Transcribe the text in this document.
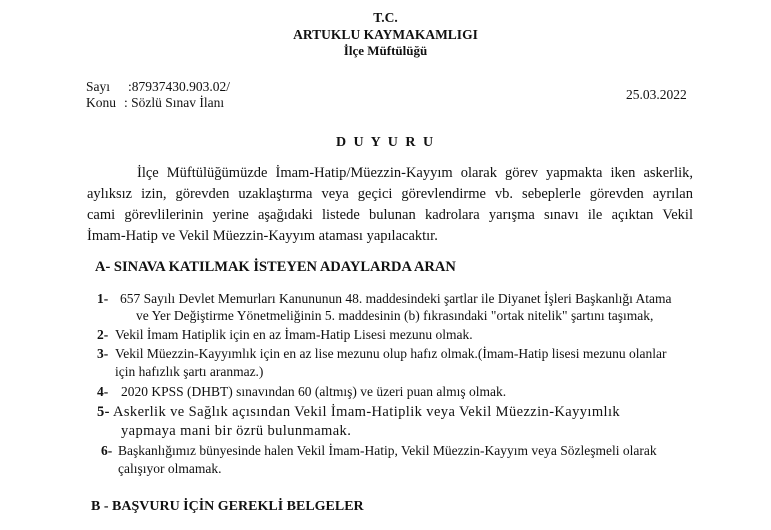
T.C.
ARTUKLU KAYMAKAMLIGI
İlçe Müftülüğü
Sayı :87937430.903.02/
Konu : Sözlü Sınav İlanı
25.03.2022
D U Y U R U
İlçe Müftülüğümüzde İmam-Hatip/Müezzin-Kayyım olarak görev yapmakta iken askerlik,
aylıksız izin, görevden uzaklaştırma veya geçici görevlendirme vb. sebeplerle görevden ayrılan
cami görevlilerinin yerine aşağıdaki listede bulunan kadrolara yarışma sınavı ile açıktan Vekil
İmam-Hatip ve Vekil Müezzin-Kayyım ataması yapılacaktır.
A- SINAVA KATILMAK İSTEYEN ADAYLARDA ARAN
1- 657 Sayılı Devlet Memurları Kanununun 48. maddesindeki şartlar ile Diyanet İşleri Başkanlığı Atama
ve Yer Değiştirme Yönetmeliğinin 5. maddesinin (b) fıkrasındaki "ortak nitelik" şartını taşımak,
2- Vekil İmam Hatiplik için en az İmam-Hatip Lisesi mezunu olmak.
3- Vekil Müezzin-Kayyımlık için en az lise mezunu olup hafız olmak.(İmam-Hatip lisesi mezunu olanlar
için hafızlık şartı aranmaz.)
4- 2020 KPSS (DHBT) sınavından 60 (altmış) ve üzeri puan almış olmak.
5- Askerlik ve Sağlık açısından Vekil İmam-Hatiplik veya Vekil Müezzin-Kayyımlık
yapmaya mani bir özrü bulunmamak.
6- Başkanlığımız bünyesinde halen Vekil İmam-Hatip, Vekil Müezzin-Kayyım veya Sözleşmeli olarak
çalışıyor olmamak.
B - BAŞVURU İÇİN GEREKLİ BELGELER
